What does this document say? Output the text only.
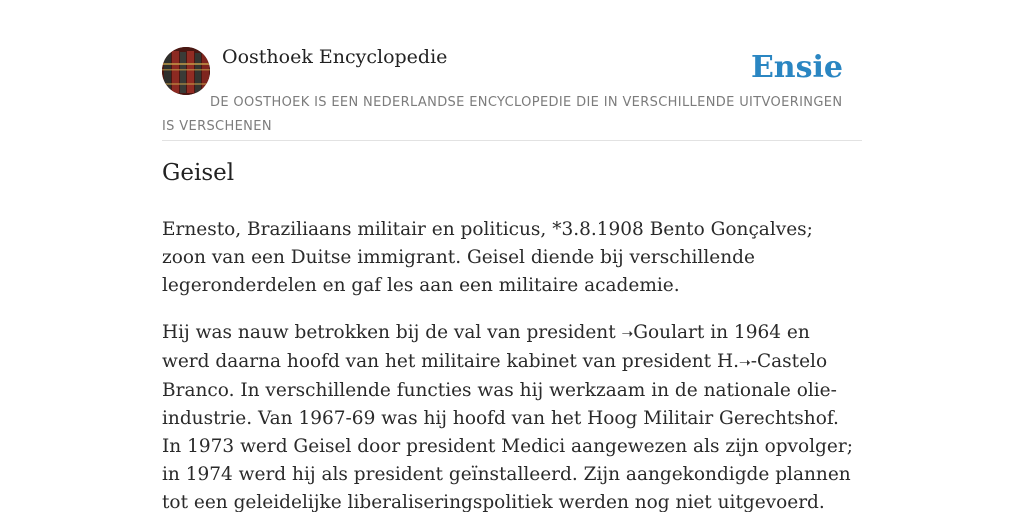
Oosthoek Encyclopedie	Ensie
DE OOSTHOEK IS EEN NEDERLANDSE ENCYCLOPEDIE DIE IN VERSCHILLENDE UITVOERINGEN IS VERSCHENEN
Geisel

Ernesto, Braziliaans militair en politicus, *3.8.1908 Bento Gonçalves; zoon van een Duitse immigrant. Geisel diende bij verschillende legeronderdelen en gaf les aan een militaire academie.

Hij was nauw betrokken bij de val van president ➝Goulart in 1964 en werd daarna hoofd van het militaire kabinet van president H.➝-Castelo Branco. In verschillende functies was hij werkzaam in de nationale olie-industrie. Van 1967-69 was hij hoofd van het Hoog Militair Gerechtshof. In 1973 werd Geisel door president Medici aangewezen als zijn opvolger; in 1974 werd hij als president geïnstalleerd. Zijn aangekondigde plannen tot een geleidelijke liberaliseringspolitiek werden nog niet uitgevoerd.
